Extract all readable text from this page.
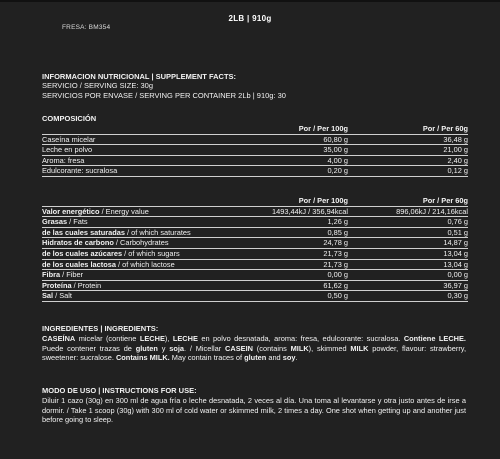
2LB | 910g
FRESA: BM354
INFORMACION NUTRICIONAL | SUPPLEMENT FACTS:
SERVICIO / SERVING SIZE: 30g
SERVICIOS POR ENVASE / SERVING PER CONTAINER 2Lb | 910g: 30
COMPOSICIÓN
	Por / Per 100g	Por / Per 60g
Caseína micelar	60,80 g	36,48 g
Leche en polvo	35,00 g	21,00 g
Aroma: fresa	4,00 g	2,40 g
Edulcorante: sucralosa	0,20 g	0,12 g
	Por / Per 100g	Por / Per 60g
Valor energético / Energy value	1493,44kJ / 356,94kcal	896,06kJ / 214,16kcal
Grasas / Fats	1,26 g	0,76 g
de las cuales saturadas / of which saturates	0,85 g	0,51 g
Hidratos de carbono / Carbohydrates	24,78 g	14,87 g
de los cuales azúcares / of which sugars	21,73 g	13,04 g
de los cuales lactosa / of which lactose	21,73 g	13,04 g
Fibra / Fiber	0,00 g	0,00 g
Proteína / Protein	61,62 g	36,97 g
Sal / Salt	0,50 g	0,30 g
INGREDIENTES | INGREDIENTS:
CASEÍNA micelar (contiene LECHE), LECHE en polvo desnatada, aroma: fresa, edulcorante: sucralosa. Contiene LECHE. Puede contener trazas de gluten y soja. / Micellar CASEIN (contains MILK), skimmed MILK powder, flavour: strawberry, sweetener: sucralose. Contains MILK. May contain traces of gluten and soy.
MODO DE USO | INSTRUCTIONS FOR USE:
Diluir 1 cazo (30g) en 300 ml de agua fría o leche desnatada, 2 veces al día. Una toma al levantarse y otra justo antes de irse a dormir. / Take 1 scoop (30g) with 300 ml of cold water or skimmed milk, 2 times a day. One shot when getting up and another just before going to sleep.
